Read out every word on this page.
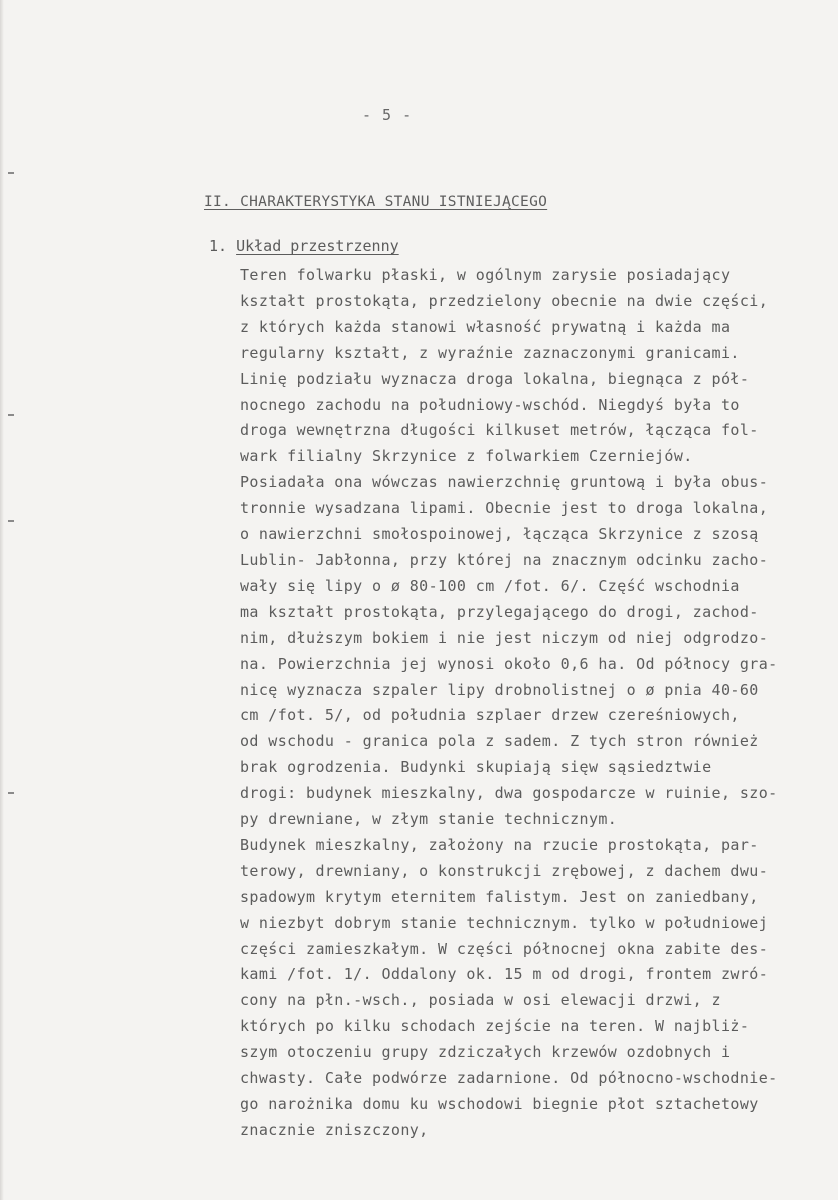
- 5 -
II. CHARAKTERYSTYKA STANU ISTNIEJĄCEGO
1. Układ przestrzenny
Teren folwarku płaski, w ogólnym zarysie posiadający
kształt prostokąta, przedzielony obecnie na dwie części,
z których każda stanowi własność prywatną i każda ma
regularny kształt, z wyraźnie zaznaczonymi granicami.
Linię podziału wyznacza droga lokalna, biegnąca z pół-
nocnego zachodu na południowy-wschód. Niegdyś była to
droga wewnętrzna długości kilkuset metrów, łącząca fol-
wark filialny Skrzynice z folwarkiem Czerniejów.
Posiadała ona wówczas nawierzchnię gruntową i była obus-
tronnie wysadzana lipami. Obecnie jest to droga lokalna,
o nawierzchni smołospoinowej, łącząca Skrzynice z szosą
Lublin- Jabłonna, przy której na znacznym odcinku zacho-
wały się lipy o ø 80-100 cm /fot. 6/. Część wschodnia
ma kształt prostokąta, przylegającego do drogi, zachod-
nim, dłuższym bokiem i nie jest niczym od niej odgrodzo-
na. Powierzchnia jej wynosi około 0,6 ha. Od północy gra-
nicę wyznacza szpaler lipy drobnolistnej o ø pnia 40-60
cm /fot. 5/, od południa szplaer drzew czereśniowych,
od wschodu - granica pola z sadem. Z tych stron również
brak ogrodzenia. Budynki skupiają sięw sąsiedztwie
drogi: budynek mieszkalny, dwa gospodarcze w ruinie, szo-
py drewniane, w złym stanie technicznym.
Budynek mieszkalny, założony na rzucie prostokąta, par-
terowy, drewniany, o konstrukcji zrębowej, z dachem dwu-
spadowym krytym eternitem falistym. Jest on zaniedbany,
w niezbyt dobrym stanie technicznym. tylko w południowej
części zamieszkałym. W części północnej okna zabite des-
kami /fot. 1/. Oddalony ok. 15 m od drogi, frontem zwró-
cony na płn.-wsch., posiada w osi elewacji drzwi, z
których po kilku schodach zejście na teren. W najbliż-
szym otoczeniu grupy zdziczałych krzewów ozdobnych i
chwasty. Całe podwórze zadarnione. Od północno-wschodnie-
go narożnika domu ku wschodowi biegnie płot sztachetowy
znacznie zniszczony,
